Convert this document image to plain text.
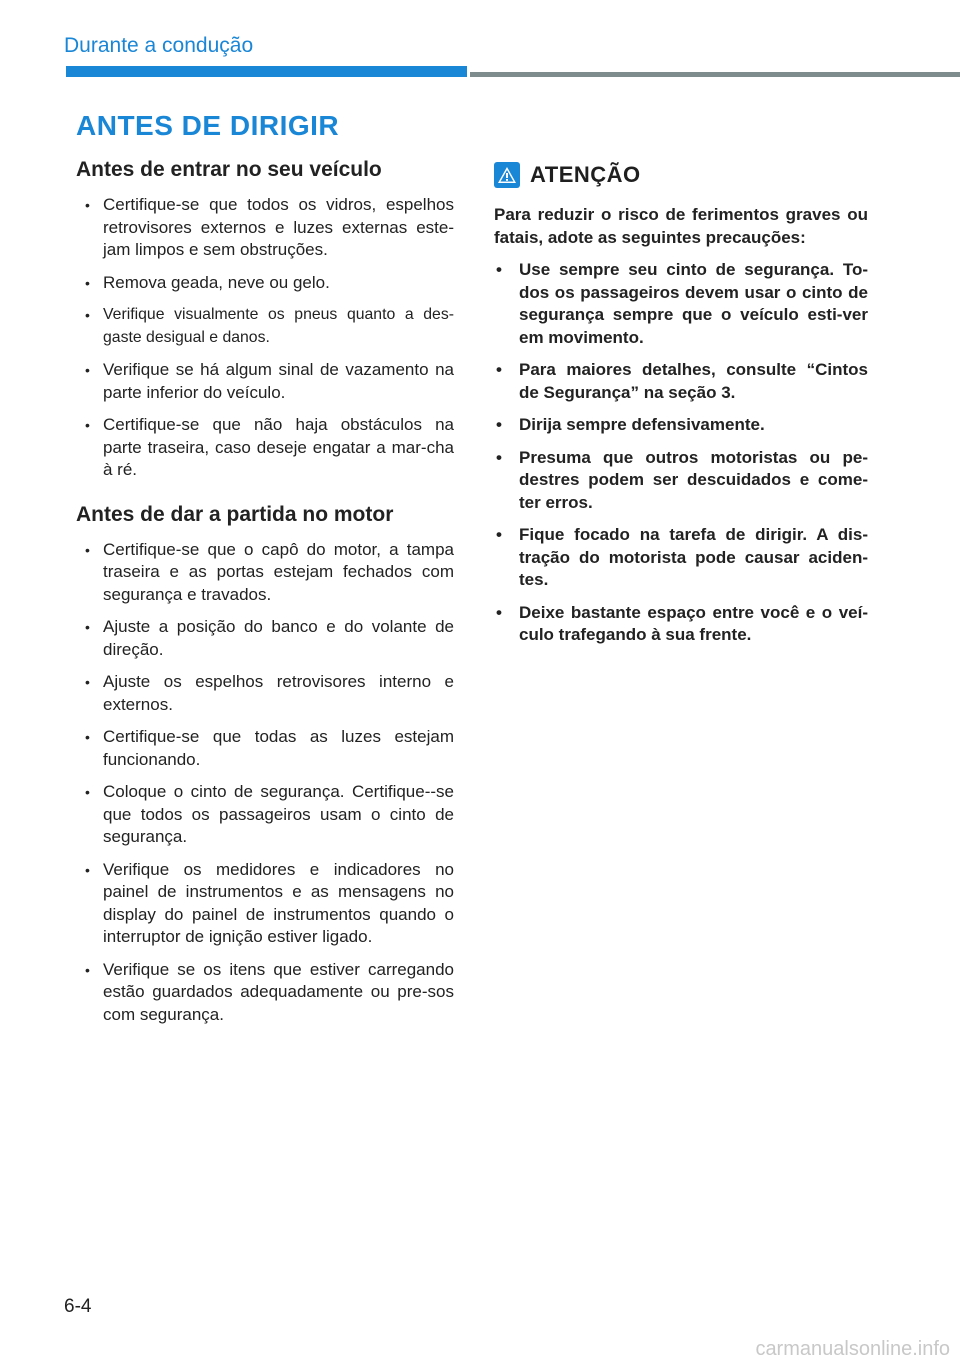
Durante a condução
ANTES DE DIRIGIR
Antes de entrar no seu veículo
• Certifique-se que todos os vidros, espelhos retrovisores externos e luzes externas este-jam limpos e sem obstruções.
• Remova geada, neve ou gelo.
• Verifique visualmente os pneus quanto a des-gaste desigual e danos.
• Verifique se há algum sinal de vazamento na parte inferior do veículo.
• Certifique-se que não haja obstáculos na parte traseira, caso deseje engatar a mar-cha à ré.
Antes de dar a partida no motor
• Certifique-se que o capô do motor, a tampa traseira e as portas estejam fechados com segurança e travados.
• Ajuste a posição do banco e do volante de direção.
• Ajuste os espelhos retrovisores interno e externos.
• Certifique-se que todas as luzes estejam funcionando.
• Coloque o cinto de segurança. Certifique--se que todos os passageiros usam o cinto de segurança.
• Verifique os medidores e indicadores no painel de instrumentos e as mensagens no display do painel de instrumentos quando o interruptor de ignição estiver ligado.
• Verifique se os itens que estiver carregando estão guardados adequadamente ou pre-sos com segurança.
ATENÇÃO

Para reduzir o risco de ferimentos graves ou fatais, adote as seguintes precauções:

• Use sempre seu cinto de segurança. To-dos os passageiros devem usar o cinto de segurança sempre que o veículo esti-ver em movimento.
• Para maiores detalhes, consulte “Cintos de Segurança” na seção 3.
• Dirija sempre defensivamente.
• Presuma que outros motoristas ou pe-destres podem ser descuidados e come-ter erros.
• Fique focado na tarefa de dirigir. A dis-tração do motorista pode causar aciden-tes.
• Deixe bastante espaço entre você e o veí-culo trafegando à sua frente.
6-4
carmanualsonline.info
